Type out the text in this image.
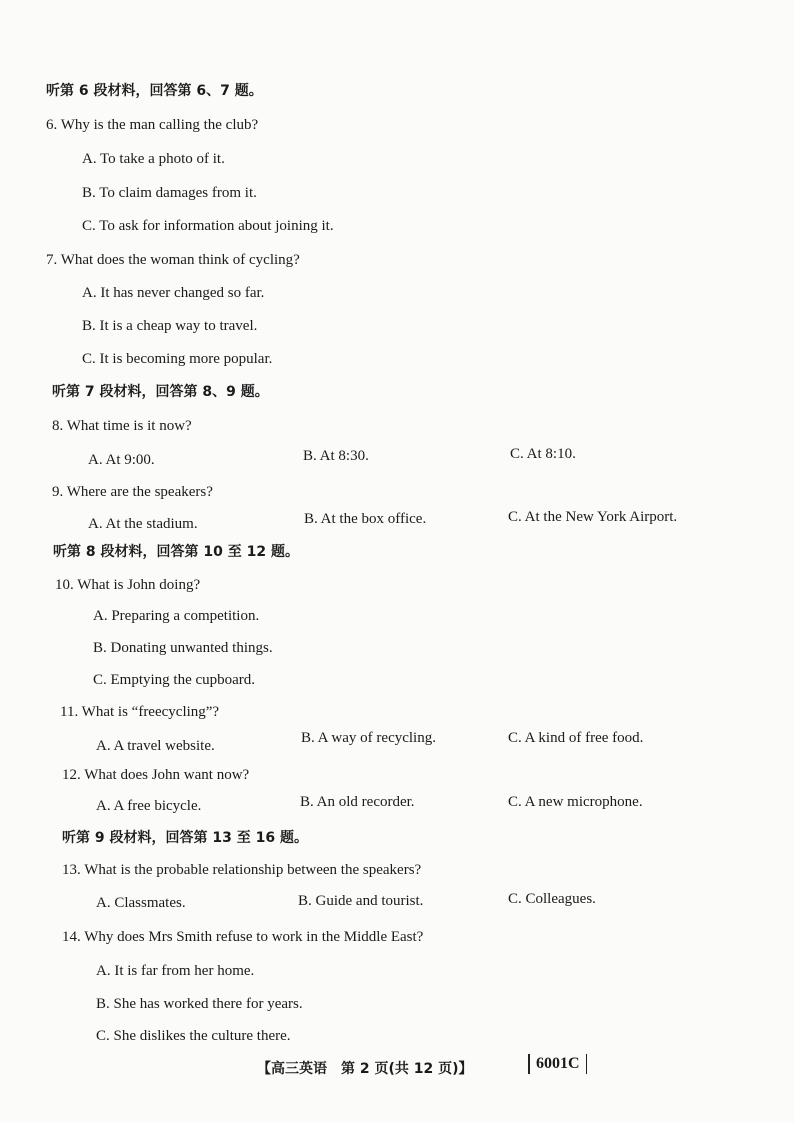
听第 6 段材料，回答第 6、7 题。
6. Why is the man calling the club?
A. To take a photo of it.
B. To claim damages from it.
C. To ask for information about joining it.
7. What does the woman think of cycling?
A. It has never changed so far.
B. It is a cheap way to travel.
C. It is becoming more popular.
听第 7 段材料，回答第 8、9 题。
8. What time is it now?
A. At 9:00.	B. At 8:30.	C. At 8:10.
9. Where are the speakers?
A. At the stadium.	B. At the box office.	C. At the New York Airport.
听第 8 段材料，回答第 10 至 12 题。
10. What is John doing?
A. Preparing a competition.
B. Donating unwanted things.
C. Emptying the cupboard.
11. What is “freecycling”?
A. A travel website.	B. A way of recycling.	C. A kind of free food.
12. What does John want now?
A. A free bicycle.	B. An old recorder.	C. A new microphone.
听第 9 段材料，回答第 13 至 16 题。
13. What is the probable relationship between the speakers?
A. Classmates.	B. Guide and tourist.	C. Colleagues.
14. Why does Mrs Smith refuse to work in the Middle East?
A. It is far from her home.
B. She has worked there for years.
C. She dislikes the culture there.
【高三英语　第 2 页(共 12 页)】	6001C
